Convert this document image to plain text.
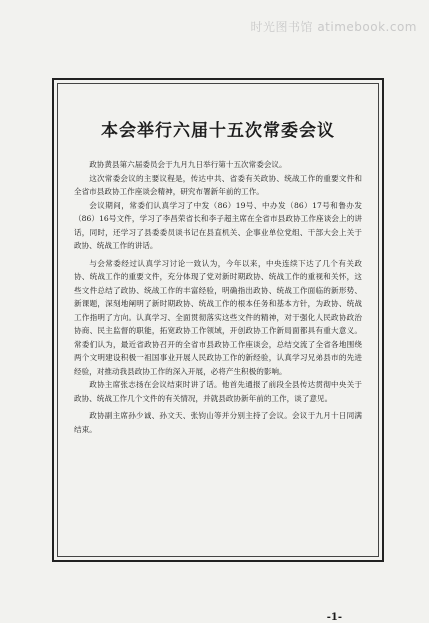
时光图书馆 atimebook.com
本会举行六届十五次常委会议

政协黄县第六届委员会于九月九日举行第十五次常委会议。

这次常委会议的主要议程是，传达中共、省委有关政协、统战工作的重要文件和全省市县政协工作座谈会精神，研究布署新年前的工作。

会议期间，常委们认真学习了中发（86）19号、中办发（86）17号和鲁办发（86）16号文件，学习了李昌荣省长和李子超主席在全省市县政协工作座谈会上的讲话，同时，还学习了县委委员谈书记在县直机关、企事业单位党组、干部大会上关于政协、统战工作的讲话。

与会常委经过认真学习讨论一致认为，今年以来，中央连续下达了几个有关政协、统战工作的重要文件，充分体现了党对新时期政协、统战工作的重视和关怀，这些文件总结了政协、统战工作的丰富经验，明确指出政协、统战工作面临的新形势、新课题，深刻地阐明了新时期政协、统战工作的根本任务和基本方针，为政协、统战工作指明了方向。认真学习、全面贯彻落实这些文件的精神，对于强化人民政协政治协商、民主监督的职能，拓宽政协工作领域，开创政协工作新局面都具有重大意义。常委们认为，最近省政协召开的全省市县政协工作座谈会，总结交流了全省各地围绕两个文明建设积极一祖国事业开展人民政协工作的新经验，认真学习兄弟县市的先进经验，对推动我县政协工作的深入开展，必将产生积极的影响。

政协主席张志扬在会议结束时讲了话。他首先通报了前段全县传达贯彻中央关于政协、统战工作几个文件的有关情况，并就县政协新年前的工作，谈了意见。

政协副主席孙少诚、孙文天、张钧山等并分别主持了会议。会议于九月十日同满结束。

-1-
